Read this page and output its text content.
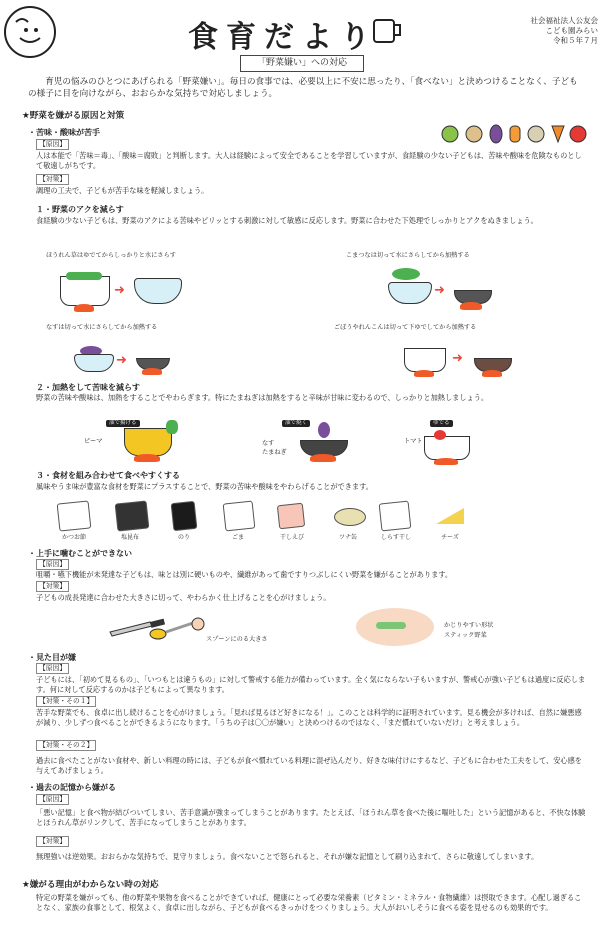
食育だより	社会福祉法人公友会
こども園みらい
令和５年７月
「野菜嫌い」への対応
育児の悩みのひとつにあげられる「野菜嫌い」。毎日の食事では、必要以上に不安に思ったり、「食べない」と決めつけることなく、子どもの様子に目を向けながら、おおらかな気持ちで対応しましょう。
★野菜を嫌がる原因と対策
・苦味・酸味が苦手
【原因】
人は本能で「苦味＝毒」、「酸味＝腐敗」と判断します。大人は経験によって安全であることを学習していますが、食経験の少ない子どもは、苦味や酸味を危険なものとして敬遠しがちです。
【対策】
調理の工夫で、子どもが苦手な味を軽減しましょう。
１・野菜のアクを減らす
食経験の少ない子どもは、野菜のアクによる苦味やピリッとする刺激に対して敏感に反応します。野菜に合わせた下処理でしっかりとアクをぬきましょう。
ほうれん草はゆでてからしっかりと水にさらす
➜
こまつなは切って水にさらしてから加熱する
➜
なすは切って水にさらしてから加熱する
➜
ごぼうやれんこんは切って下ゆでしてから加熱する
➜
２・加熱をして苦味を減らす
野菜の苦味や酸味は、加熱をすることでやわらぎます。特にたまねぎは加熱をすると辛味が甘味に変わるので、しっかりと加熱しましょう。
油で揚げる
ピーマ
油で焼く
なす
たまねぎ
ゆでる
トマト
３・食材を組み合わせて食べやすくする
風味やうま味が豊富な食材を野菜にプラスすることで、野菜の苦味や酸味をやわらげることができます。
かつお節	塩昆布	のり	ごま	干しえび	ツナ缶	しらす干し	チーズ
・上手に噛むことができない
【原因】
咀嚼・嚥下機能が未発達な子どもは、味とは別に硬いものや、繊維があって歯ですりつぶしにくい野菜を嫌がることがあります。
【対策】
子どもの成長発達に合わせた大きさに切って、やわらかく仕上げることを心がけましょう。
スプーンにのる大きさ
かじりやすい形状
スティック野菜
・見た目が嫌
【原因】
子どもには、「初めて見るもの」、「いつもとは違うもの」に対して警戒する能力が備わっています。全く気にならない子もいますが、警戒心が強い子どもは過度に反応します。何に対して反応するのかは子どもによって異なります。
【対策・その１】
苦手な野菜でも、食卓に出し続けることを心がけましょう。「見れば見るほど好きになる！」。このことは科学的に証明されています。見る機会が多ければ、自然に嫌悪感が減り、少しずつ食べることができるようになります。「うちの子は〇〇が嫌い」と決めつけるのではなく、「まだ慣れていないだけ」と考えましょう。
【対策・その２】
過去に食べたことがない食材や、新しい料理の時には、子どもが食べ慣れている料理に混ぜ込んだり、好きな味付けにするなど、子どもに合わせた工夫をして、安心感を与えてあげましょう。
・過去の記憶から嫌がる
【原因】
「悪い記憶」と食べ物が結びついてしまい、苦手意識が強まってしまうことがあります。たとえば、「ほうれん草を食べた後に嘔吐した」という記憶があると、不快な体験とほうれん草がリンクして、苦手になってしまうことがあります。
【対策】
無理強いは逆効果。おおらかな気持ちで、見守りましょう。食べないことで怒られると、それが嫌な記憶として刷り込まれて、さらに敬遠してしまいます。
★嫌がる理由がわからない時の対応
特定の野菜を嫌がっても、他の野菜や果物を食べることができていれば、健康にとって必要な栄養素（ビタミン・ミネラル・食物繊維）は摂取できます。心配し過ぎることなく、家族の食事として、根気よく、食卓に出しながら、子どもが食べるきっかけをつくりましょう。大人がおいしそうに食べる姿を見せるのも効果的です。
